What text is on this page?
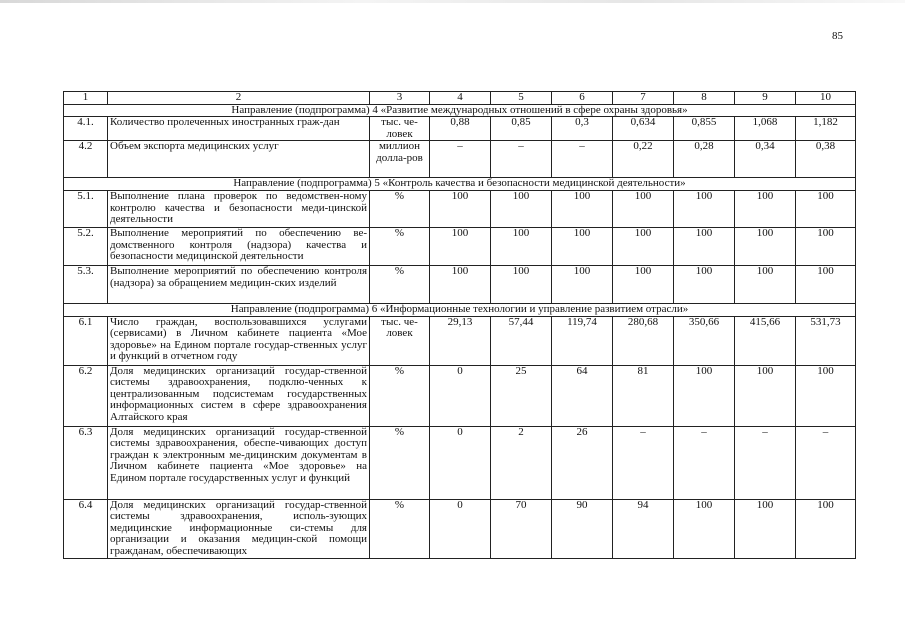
85
1	2	3	4	5	6	7	8	9	10
Направление (подпрограмма) 4 «Развитие международных отношений в сфере охраны здоровья»									
4.1.	Количество пролеченных иностранных граж-дан	тыс. че-ловек	0,88	0,85	0,3	0,634	0,855	1,068	1,182
4.2	Объем экспорта медицинских услуг	миллион долла-ров	–	–	–	0,22	0,28	0,34	0,38
Направление (подпрограмма) 5 «Контроль качества и безопасности медицинской деятельности»									
5.1.	Выполнение плана проверок по ведомствен-ному контролю качества и безопасности меди-цинской деятельности	%	100	100	100	100	100	100	100
5.2.	Выполнение мероприятий по обеспечению ве-домственного контроля (надзора) качества и безопасности медицинской деятельности	%	100	100	100	100	100	100	100
5.3.	Выполнение мероприятий по обеспечению контроля (надзора) за обращением медицин-ских изделий	%	100	100	100	100	100	100	100
Направление (подпрограмма) 6 «Информационные технологии и управление развитием отрасли»									
6.1	Число граждан, воспользовавшихся услугами (сервисами) в Личном кабинете пациента «Мое здоровье» на Едином портале государ-ственных услуг и функций в отчетном году	тыс. че-ловек	29,13	57,44	119,74	280,68	350,66	415,66	531,73
6.2	Доля медицинских организаций государ-ственной системы здравоохранения, подклю-ченных к централизованным подсистемам государственных информационных систем в сфере здравоохранения Алтайского края	%	0	25	64	81	100	100	100
6.3	Доля медицинских организаций государ-ственной системы здравоохранения, обеспе-чивающих доступ граждан к электронным ме-дицинским документам в Личном кабинете пациента «Мое здоровье» на Едином портале государственных услуг и функций	%	0	2	26	–	–	–	–
6.4	Доля медицинских организаций государ-ственной системы здравоохранения, исполь-зующих медицинские информационные си-стемы для организации и оказания медицин-ской помощи гражданам, обеспечивающих	%	0	70	90	94	100	100	100
